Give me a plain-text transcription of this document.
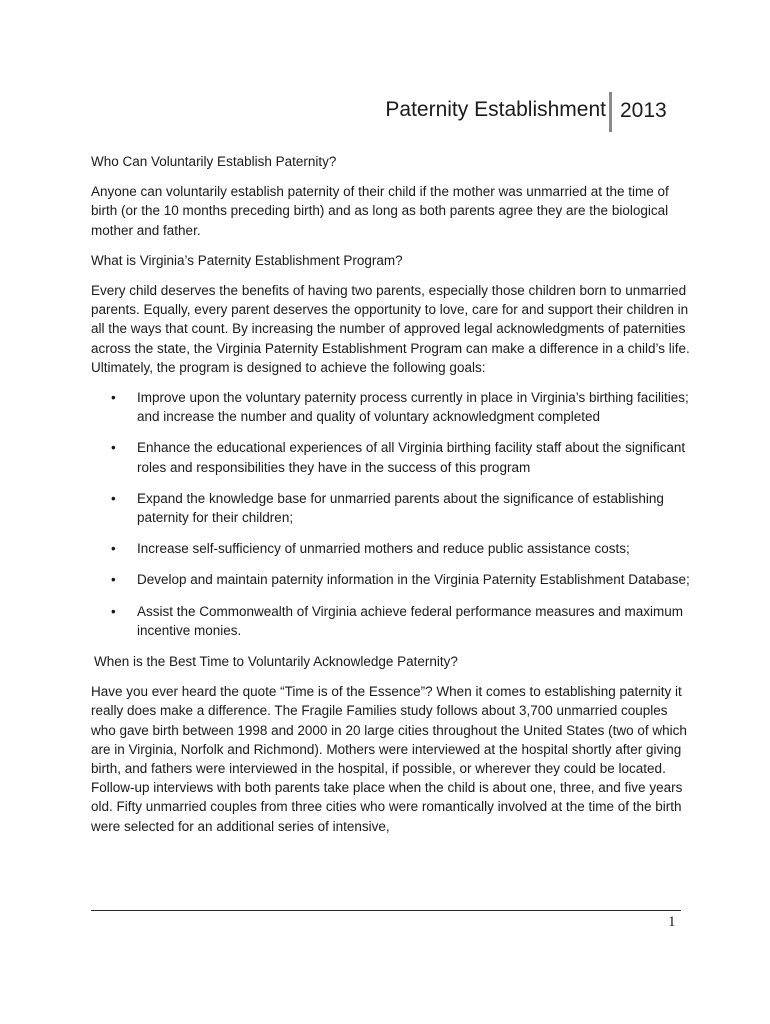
Paternity Establishment 2013
Who Can Voluntarily Establish Paternity?

Anyone can voluntarily establish paternity of their child if the mother was unmarried at the time of birth (or the 10 months preceding birth) and as long as both parents agree they are the biological mother and father.

What is Virginia’s Paternity Establishment Program?

Every child deserves the benefits of having two parents, especially those children born to unmarried parents. Equally, every parent deserves the opportunity to love, care for and support their children in all the ways that count. By increasing the number of approved legal acknowledgments of paternities across the state, the Virginia Paternity Establishment Program can make a difference in a child’s life. Ultimately, the program is designed to achieve the following goals:

• Improve upon the voluntary paternity process currently in place in Virginia’s birthing facilities; and increase the number and quality of voluntary acknowledgment completed
• Enhance the educational experiences of all Virginia birthing facility staff about the significant roles and responsibilities they have in the success of this program
• Expand the knowledge base for unmarried parents about the significance of establishing paternity for their children;
• Increase self-sufficiency of unmarried mothers and reduce public assistance costs;
• Develop and maintain paternity information in the Virginia Paternity Establishment Database;
• Assist the Commonwealth of Virginia achieve federal performance measures and maximum incentive monies.
When is the Best Time to Voluntarily Acknowledge Paternity?

Have you ever heard the quote “Time is of the Essence”? When it comes to establishing paternity it really does make a difference. The Fragile Families study follows about 3,700 unmarried couples who gave birth between 1998 and 2000 in 20 large cities throughout the United States (two of which are in Virginia, Norfolk and Richmond). Mothers were interviewed at the hospital shortly after giving birth, and fathers were interviewed in the hospital, if possible, or wherever they could be located. Follow-up interviews with both parents take place when the child is about one, three, and five years old. Fifty unmarried couples from three cities who were romantically involved at the time of the birth were selected for an additional series of intensive,

1
